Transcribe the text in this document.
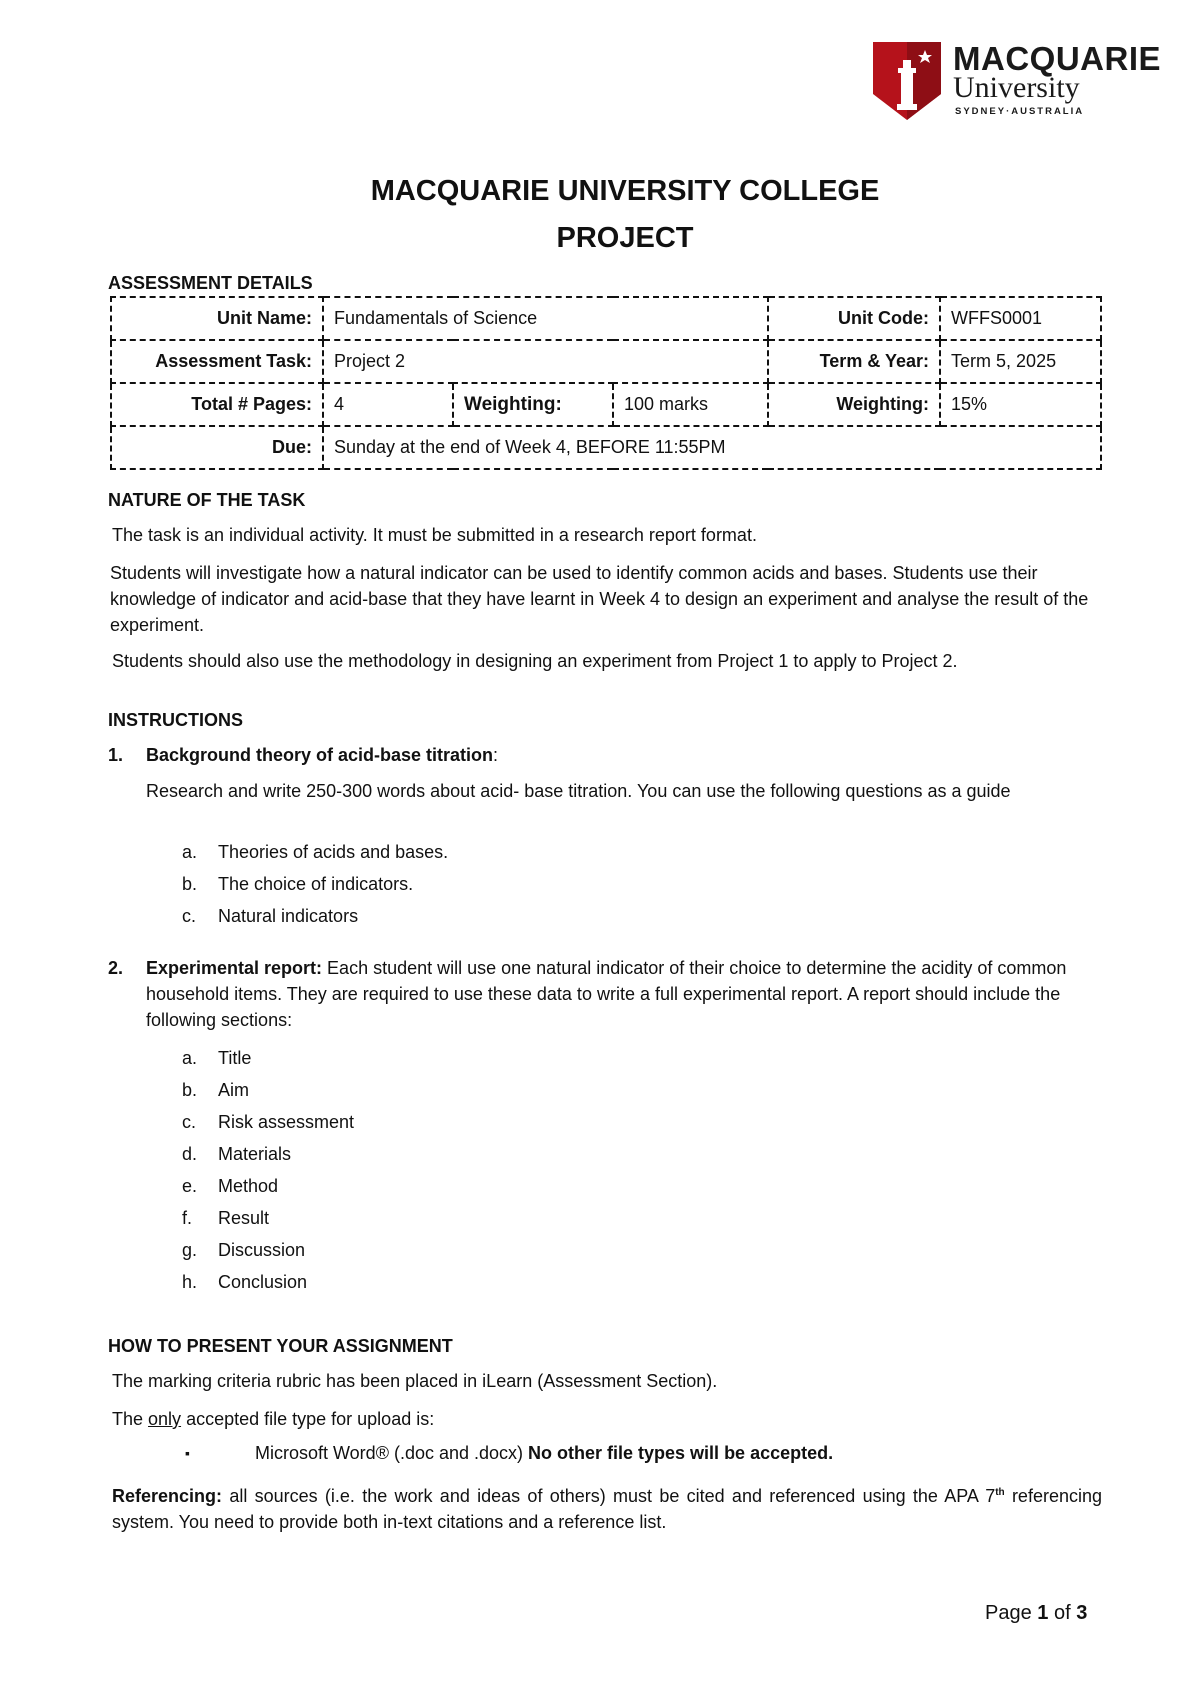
MACQUARIE
University
SYDNEY·AUSTRALIA
MACQUARIE UNIVERSITY COLLEGE
PROJECT
ASSESSMENT DETAILS
Unit Name:	Fundamentals of Science			Unit Code:	WFFS0001
Assessment Task:	Project 2			Term & Year:	Term 5, 2025
Total # Pages:	4	Weighting:	100 marks	Weighting:	15%
Due:	Sunday at the end of Week 4, BEFORE 11:55PM				
NATURE OF THE TASK
The task is an individual activity. It must be submitted in a research report format.
Students will investigate how a natural indicator can be used to identify common acids and bases. Students use their knowledge of indicator and acid-base that they have learnt in Week 4 to design an experiment and analyse the result of the experiment.
Students should also use the methodology in designing an experiment from Project 1 to apply to Project 2.
INSTRUCTIONS
1. Background theory of acid-base titration:
Research and write 250-300 words about acid- base titration. You can use the following questions as a guide
a. Theories of acids and bases.
b. The choice of indicators.
c. Natural indicators
2. Experimental report: Each student will use one natural indicator of their choice to determine the acidity of common household items. They are required to use these data to write a full experimental report. A report should include the following sections:
a. Title
b. Aim
c. Risk assessment
d. Materials
e. Method
f. Result
g. Discussion
h. Conclusion
HOW TO PRESENT YOUR ASSIGNMENT
The marking criteria rubric has been placed in iLearn (Assessment Section).
The only accepted file type for upload is:
▪	Microsoft Word® (.doc and .docx) No other file types will be accepted.
Referencing: all sources (i.e. the work and ideas of others) must be cited and referenced using the APA 7th referencing system. You need to provide both in-text citations and a reference list.
Page 1 of 3
